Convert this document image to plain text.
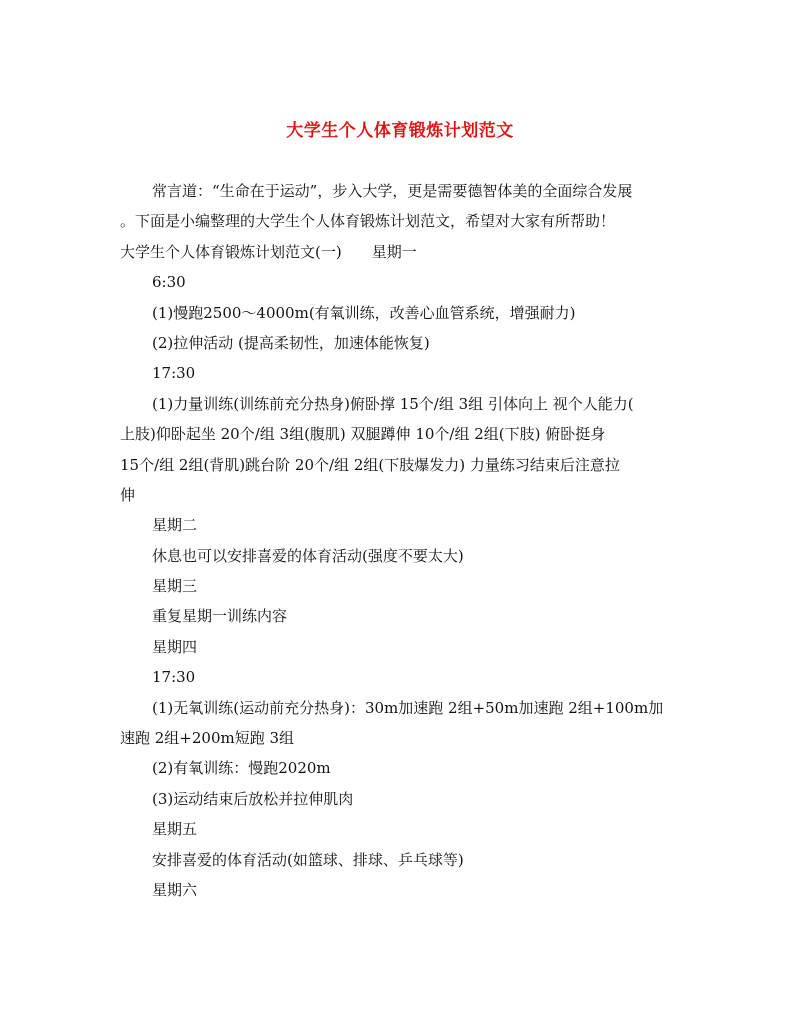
大学生个人体育锻炼计划范文
常言道：“生命在于运动”，步入大学，更是需要德智体美的全面综合发展
。下面是小编整理的大学生个人体育锻炼计划范文，希望对大家有所帮助！
大学生个人体育锻炼计划范文(一)　　星期一
6:30
(1)慢跑2500～4000m(有氧训练，改善心血管系统，增强耐力)
(2)拉伸活动 (提高柔韧性，加速体能恢复)
17:30
(1)力量训练(训练前充分热身)俯卧撑 15个/组 3组 引体向上 视个人能力(
上肢)仰卧起坐 20个/组 3组(腹肌) 双腿蹲伸 10个/组 2组(下肢) 俯卧挺身
15个/组 2组(背肌)跳台阶 20个/组 2组(下肢爆发力) 力量练习结束后注意拉
伸
星期二
休息也可以安排喜爱的体育活动(强度不要太大)
星期三
重复星期一训练内容
星期四
17:30
(1)无氧训练(运动前充分热身)：30m加速跑 2组+50m加速跑 2组+100m加
速跑 2组+200m短跑 3组
(2)有氧训练：慢跑2020m
(3)运动结束后放松并拉伸肌肉
星期五
安排喜爱的体育活动(如篮球、排球、乒乓球等)
星期六
